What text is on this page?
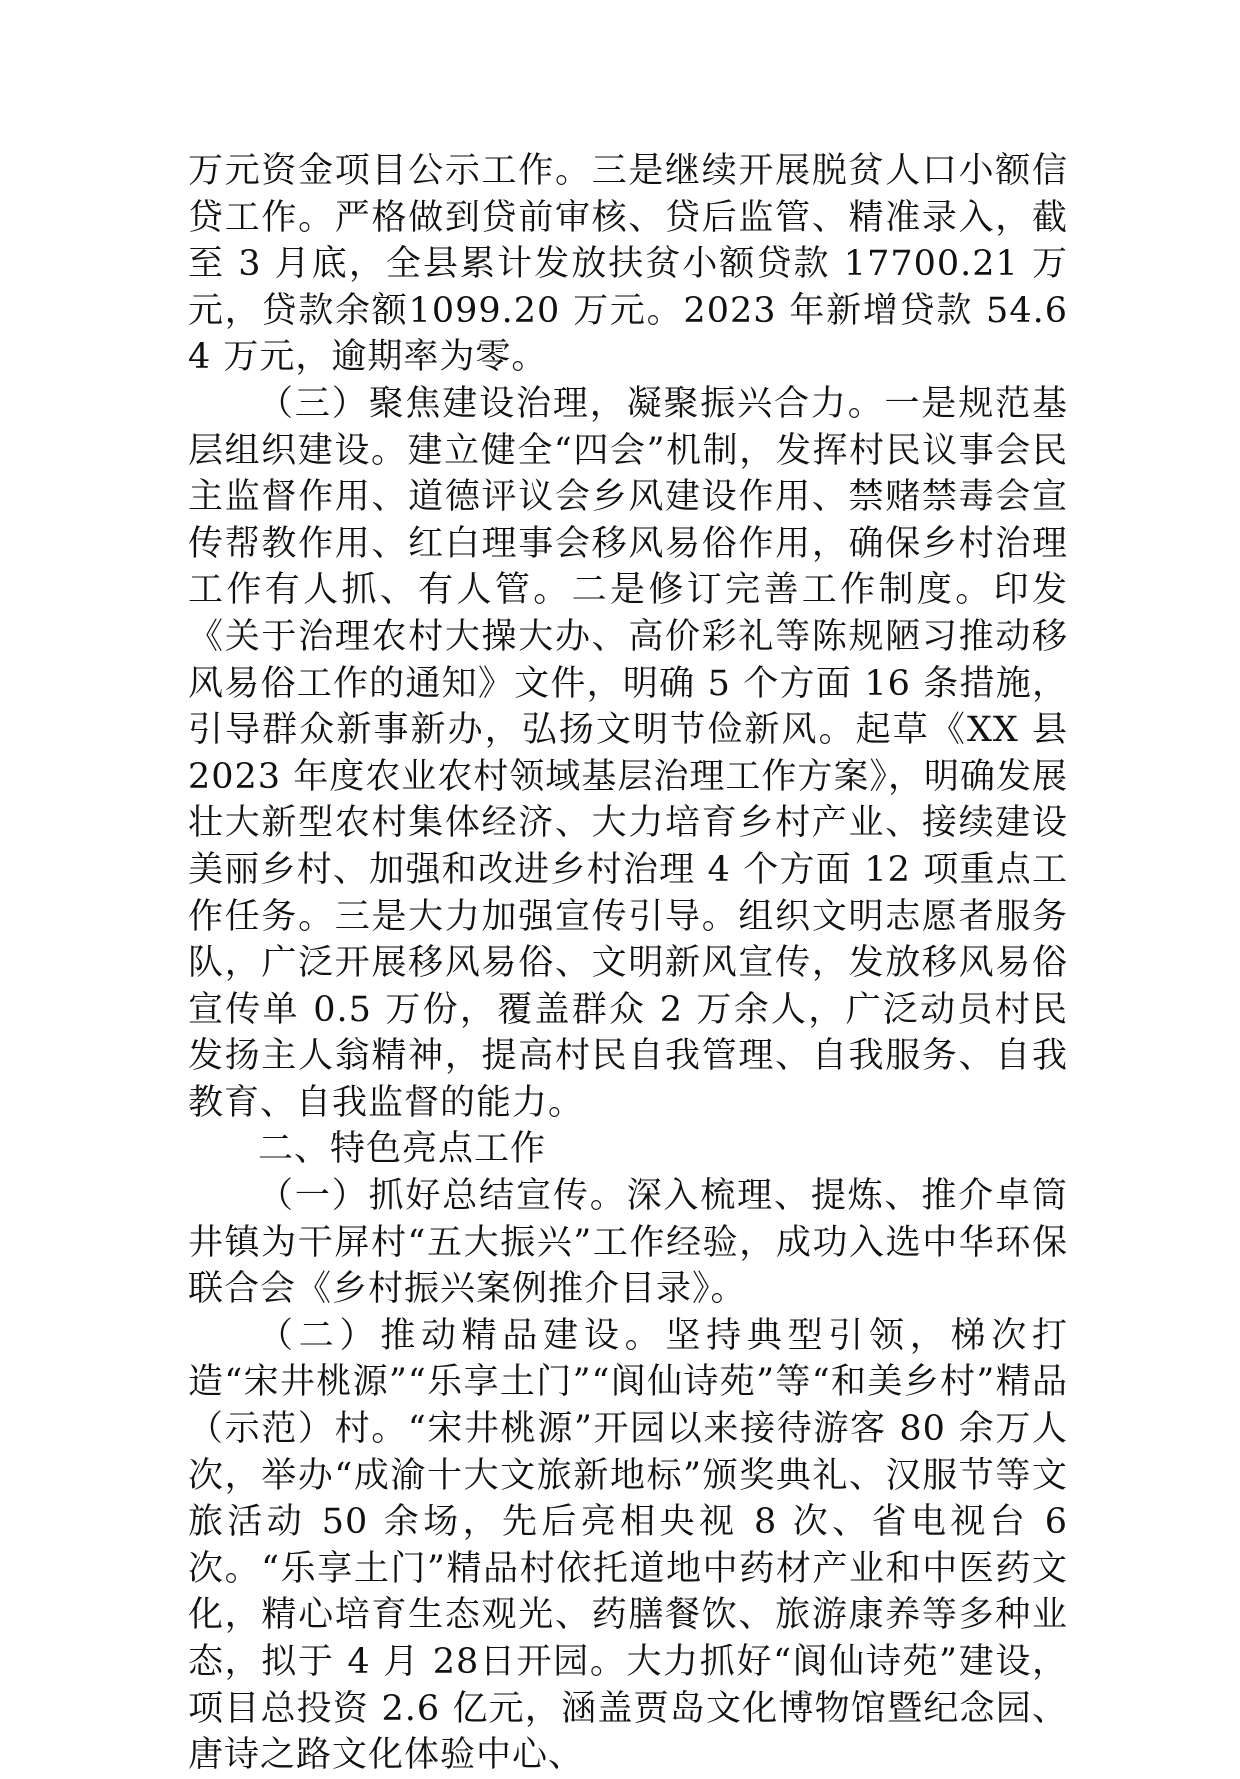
万元资金项目公示工作。三是继续开展脱贫人口小额信贷工作。严格做到贷前审核、贷后监管、精准录入，截至 3 月底，全县累计发放扶贫小额贷款 17700.21 万元，贷款余额1099.20 万元。2023 年新增贷款 54.64 万元，逾期率为零。

（三）聚焦建设治理，凝聚振兴合力。一是规范基层组织建设。建立健全“四会”机制，发挥村民议事会民主监督作用、道德评议会乡风建设作用、禁赌禁毒会宣传帮教作用、红白理事会移风易俗作用，确保乡村治理工作有人抓、有人管。二是修订完善工作制度。印发《关于治理农村大操大办、高价彩礼等陈规陋习推动移风易俗工作的通知》文件，明确 5 个方面 16 条措施，引导群众新事新办，弘扬文明节俭新风。起草《XX 县 2023 年度农业农村领域基层治理工作方案》，明确发展壮大新型农村集体经济、大力培育乡村产业、接续建设美丽乡村、加强和改进乡村治理 4 个方面 12 项重点工作任务。三是大力加强宣传引导。组织文明志愿者服务队，广泛开展移风易俗、文明新风宣传，发放移风易俗宣传单 0.5 万份，覆盖群众 2 万余人，广泛动员村民发扬主人翁精神，提高村民自我管理、自我服务、自我教育、自我监督的能力。

二、特色亮点工作

（一）抓好总结宣传。深入梳理、提炼、推介卓筒井镇为干屏村“五大振兴”工作经验，成功入选中华环保联合会《乡村振兴案例推介目录》。

（二）推动精品建设。坚持典型引领，梯次打造“宋井桃源”“乐享土门”“阆仙诗苑”等“和美乡村”精品（示范）村。“宋井桃源”开园以来接待游客 80 余万人次，举办“成渝十大文旅新地标”颁奖典礼、汉服节等文旅活动 50 余场，先后亮相央视 8 次、省电视台 6 次。“乐享土门”精品村依托道地中药材产业和中医药文化，精心培育生态观光、药膳餐饮、旅游康养等多种业态，拟于 4 月 28日开园。大力抓好“阆仙诗苑”建设，项目总投资 2.6 亿元，涵盖贾岛文化博物馆暨纪念园、唐诗之路文化体验中心、
